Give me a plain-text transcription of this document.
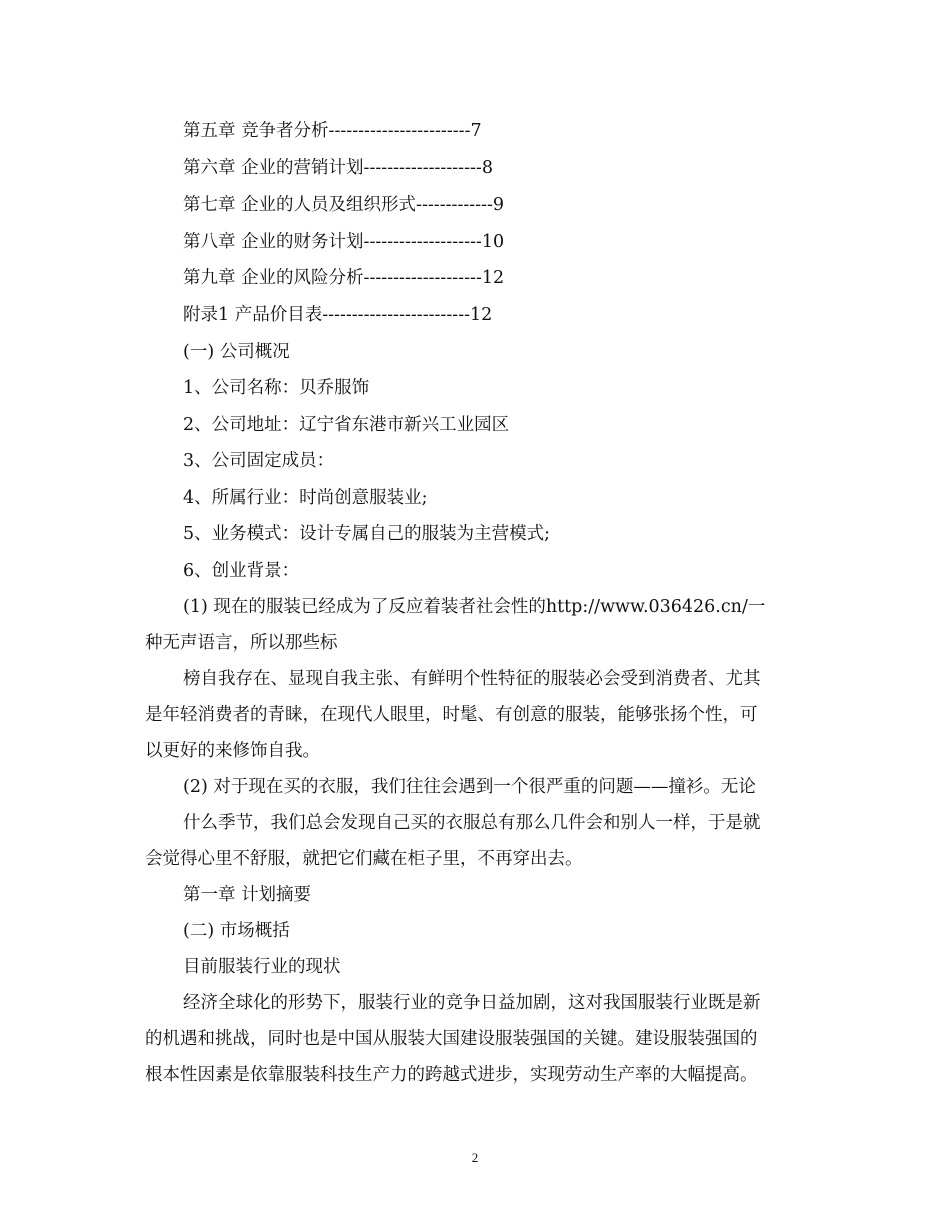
第五章 竞争者分析------------------------7
第六章 企业的营销计划--------------------8
第七章 企业的人员及组织形式-------------9
第八章 企业的财务计划--------------------10
第九章 企业的风险分析--------------------12
附录1 产品价目表-------------------------12
(一) 公司概况
1、公司名称：贝乔服饰
2、公司地址：辽宁省东港市新兴工业园区
3、公司固定成员：
4、所属行业：时尚创意服装业;
5、业务模式：设计专属自己的服装为主营模式;
6、创业背景：
(1) 现在的服装已经成为了反应着装者社会性的http://www.036426.cn/一
种无声语言，所以那些标
榜自我存在、显现自我主张、有鲜明个性特征的服装必会受到消费者、尤其
是年轻消费者的青睐，在现代人眼里，时髦、有创意的服装，能够张扬个性，可
以更好的来修饰自我。
(2) 对于现在买的衣服，我们往往会遇到一个很严重的问题——撞衫。无论
什么季节，我们总会发现自己买的衣服总有那么几件会和别人一样，于是就
会觉得心里不舒服，就把它们藏在柜子里，不再穿出去。
第一章 计划摘要
(二) 市场概括
目前服装行业的现状
经济全球化的形势下，服装行业的竞争日益加剧，这对我国服装行业既是新
的机遇和挑战，同时也是中国从服装大国建设服装强国的关键。建设服装强国的
根本性因素是依靠服装科技生产力的跨越式进步，实现劳动生产率的大幅提高。
2
